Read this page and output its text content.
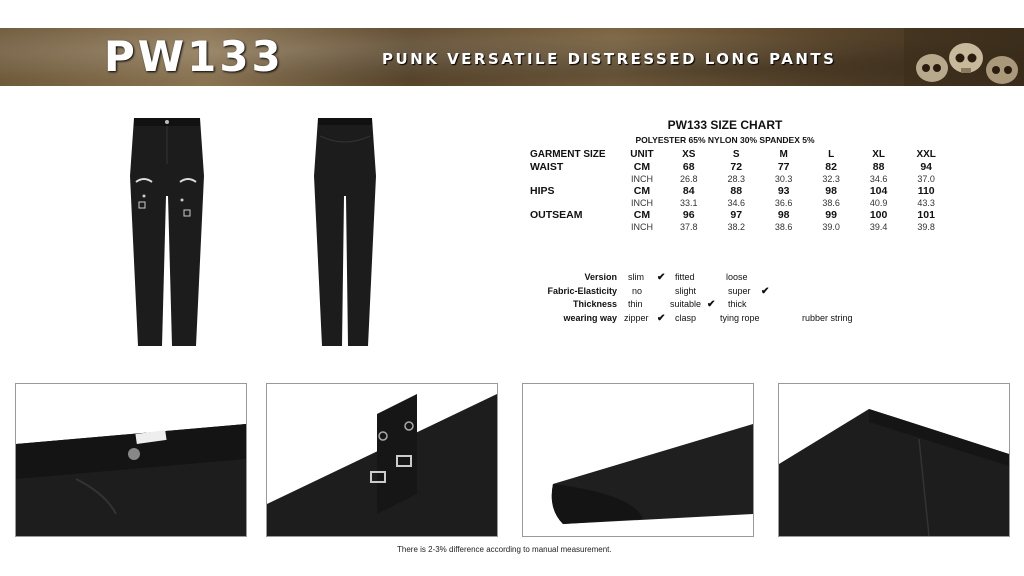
PW133	PUNK VERSATILE DISTRESSED LONG PANTS
PW133 SIZE CHART
POLYESTER 65% NYLON 30% SPANDEX 5%
GARMENT SIZE	UNIT	XS	S	M	L	XL	XXL
WAIST	CM	68	72	77	82	88	94
	INCH	26.8	28.3	30.3	32.3	34.6	37.0
HIPS	CM	84	88	93	98	104	110
	INCH	33.1	34.6	36.6	38.6	40.9	43.3
OUTSEAM	CM	96	97	98	99	100	101
	INCH	37.8	38.2	38.6	39.0	39.4	39.8
Version slim ✔ fitted	loose
Fabric-Elasticity no	slight	super ✔
Thickness thin	suitable ✔ thick
wearing way zipper ✔ clasp	tying rope	rubber string
There is 2-3% difference according to manual measurement.
